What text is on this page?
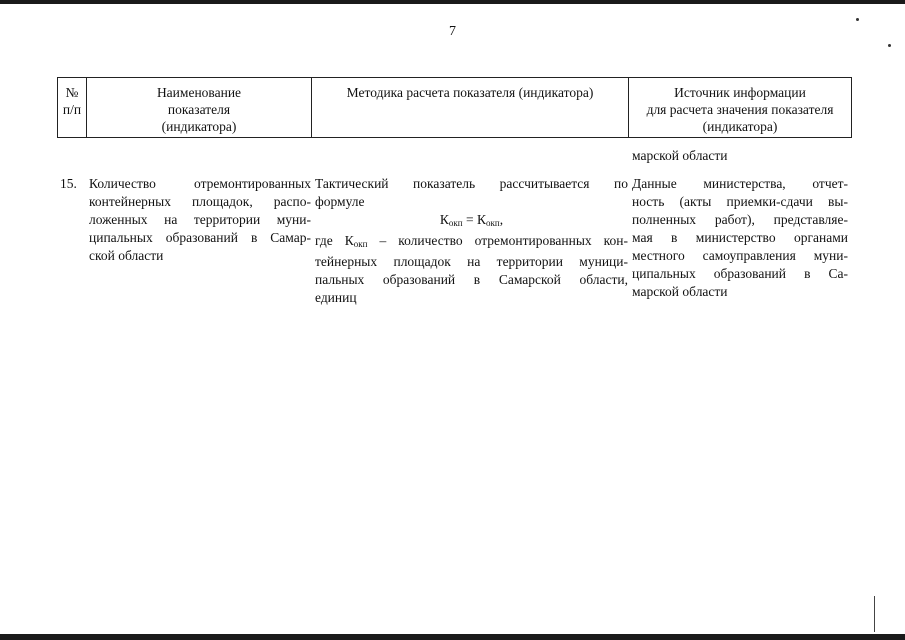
7
№
п/п
Наименование
показателя
(индикатора)
Методика расчета показателя (индикатора)	Источник информации
для расчета значения показателя
(индикатора)
марской области
15. Количество отремонтированных
контейнерных площадок, распо-
ложенных на территории муни-
ципальных образований в Самар-
ской области
Тактический показатель рассчитывается по
формуле
$К_{окп} = К_{окп}$,
где $К_{окп}$ – количество отремонтированных кон-
тейнерных площадок на территории муници-
пальных образований в Самарской области,
единиц
Данные министерства, отчет-
ность (акты приемки-сдачи вы-
полненных работ), представляе-
мая в министерство органами
местного самоуправления муни-
ципальных образований в Са-
марской области
